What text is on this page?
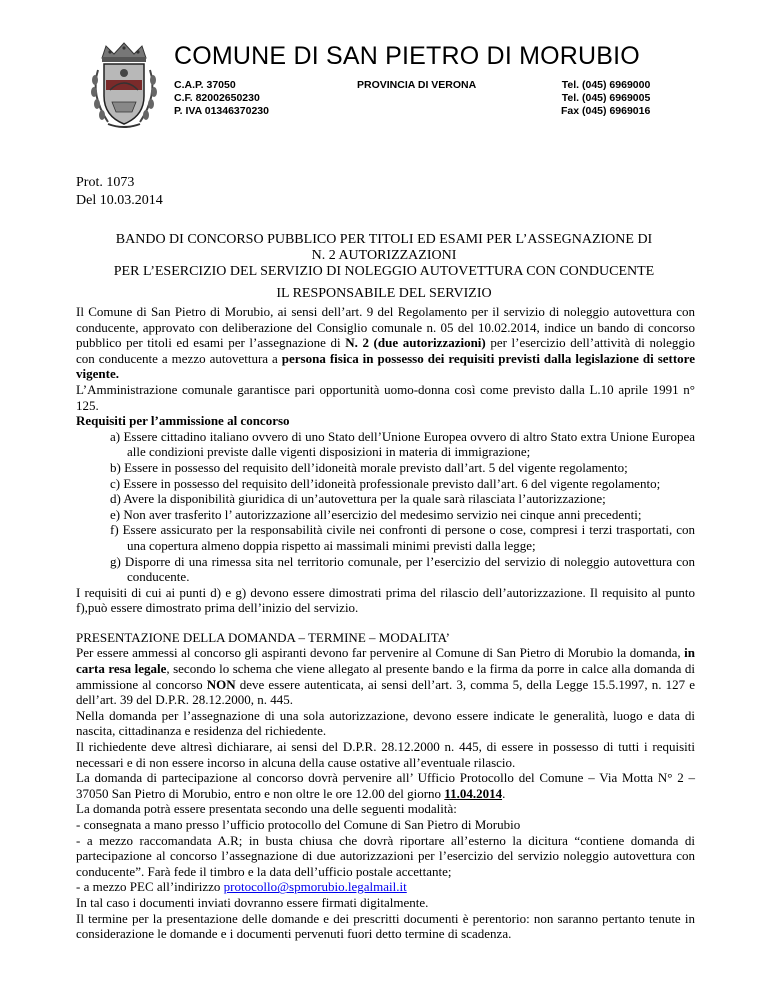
COMUNE DI SAN PIETRO DI MORUBIO
C.A.P. 37050
C.F. 82002650230
P. IVA 01346370230
PROVINCIA DI VERONA	Tel. (045) 6969000
Tel. (045) 6969005
Fax (045) 6969016
Prot. 1073
Del 10.03.2014
BANDO DI CONCORSO PUBBLICO PER TITOLI ED ESAMI PER L’ASSEGNAZIONE DI
N. 2 AUTORIZZAZIONI
PER L’ESERCIZIO DEL SERVIZIO DI NOLEGGIO AUTOVETTURA CON CONDUCENTE
IL RESPONSABILE DEL SERVIZIO

Il Comune di San Pietro di Morubio, ai sensi dell’art. 9 del Regolamento per il servizio di noleggio autovettura con conducente, approvato con deliberazione del Consiglio comunale n. 05 del 10.02.2014, indice un bando di concorso pubblico per titoli ed esami per l’assegnazione di N. 2 (due autorizzazioni) per l’esercizio dell’attività di noleggio con conducente a mezzo autovettura a persona fisica in possesso dei requisiti previsti dalla legislazione di settore vigente.

L’Amministrazione comunale garantisce pari opportunità uomo-donna così come previsto dalla L.10 aprile 1991 n° 125.

Requisiti per l’ammissione al concorso

a) Essere cittadino italiano ovvero di uno Stato dell’Unione Europea ovvero di altro Stato extra Unione Europea alle condizioni previste dalle vigenti disposizioni in materia di immigrazione;
b) Essere in possesso del requisito dell’idoneità morale previsto dall’art. 5 del vigente regolamento;
c) Essere in possesso del requisito dell’idoneità professionale previsto dall’art. 6 del vigente regolamento;
d) Avere la disponibilità giuridica di un’autovettura per la quale sarà rilasciata l’autorizzazione;
e) Non aver trasferito l’ autorizzazione all’esercizio del medesimo servizio nei cinque anni precedenti;
f) Essere assicurato per la responsabilità civile nei confronti di persone o cose, compresi i terzi trasportati, con una copertura almeno doppia rispetto ai massimali minimi previsti dalla legge;
g) Disporre di una rimessa sita nel territorio comunale, per l’esercizio del servizio di noleggio autovettura con conducente.

I requisiti di cui ai punti d) e g) devono essere dimostrati prima del rilascio dell’autorizzazione. Il requisito al punto f),può essere dimostrato prima dell’inizio del servizio.

PRESENTAZIONE DELLA DOMANDA – TERMINE – MODALITA’

Per essere ammessi al concorso gli aspiranti devono far pervenire al Comune di San Pietro di Morubio la domanda, in carta resa legale, secondo lo schema che viene allegato al presente bando e la firma da porre in calce alla domanda di ammissione al concorso NON deve essere autenticata, ai sensi dell’art. 3, comma 5, della Legge 15.5.1997, n. 127 e dell’art. 39 del D.P.R. 28.12.2000, n. 445.

Nella domanda per l’assegnazione di una sola autorizzazione, devono essere indicate le generalità, luogo e data di nascita, cittadinanza e residenza del richiedente.

Il richiedente deve altresì dichiarare, ai sensi del D.P.R. 28.12.2000 n. 445, di essere in possesso di tutti i requisiti necessari e di non essere incorso in alcuna della cause ostative all’eventuale rilascio.

La domanda di partecipazione al concorso dovrà pervenire all’ Ufficio Protocollo del Comune – Via Motta N° 2 – 37050 San Pietro di Morubio, entro e non oltre le ore 12.00 del giorno 11.04.2014.

La domanda potrà essere presentata secondo una delle seguenti modalità:

- consegnata a mano presso l’ufficio protocollo del Comune di San Pietro di Morubio

- a mezzo raccomandata A.R; in busta chiusa che dovrà riportare all’esterno la dicitura “contiene domanda di partecipazione al concorso l’assegnazione di due autorizzazioni per l’esercizio del servizio noleggio autovettura con conducente”. Farà fede il timbro e la data dell’ufficio postale accettante;

- a mezzo PEC all’indirizzo protocollo@spmorubio.legalmail.it

In tal caso i documenti inviati dovranno essere firmati digitalmente.

Il termine per la presentazione delle domande e dei prescritti documenti è perentorio: non saranno pertanto tenute in considerazione le domande e i documenti pervenuti fuori detto termine di scadenza.
